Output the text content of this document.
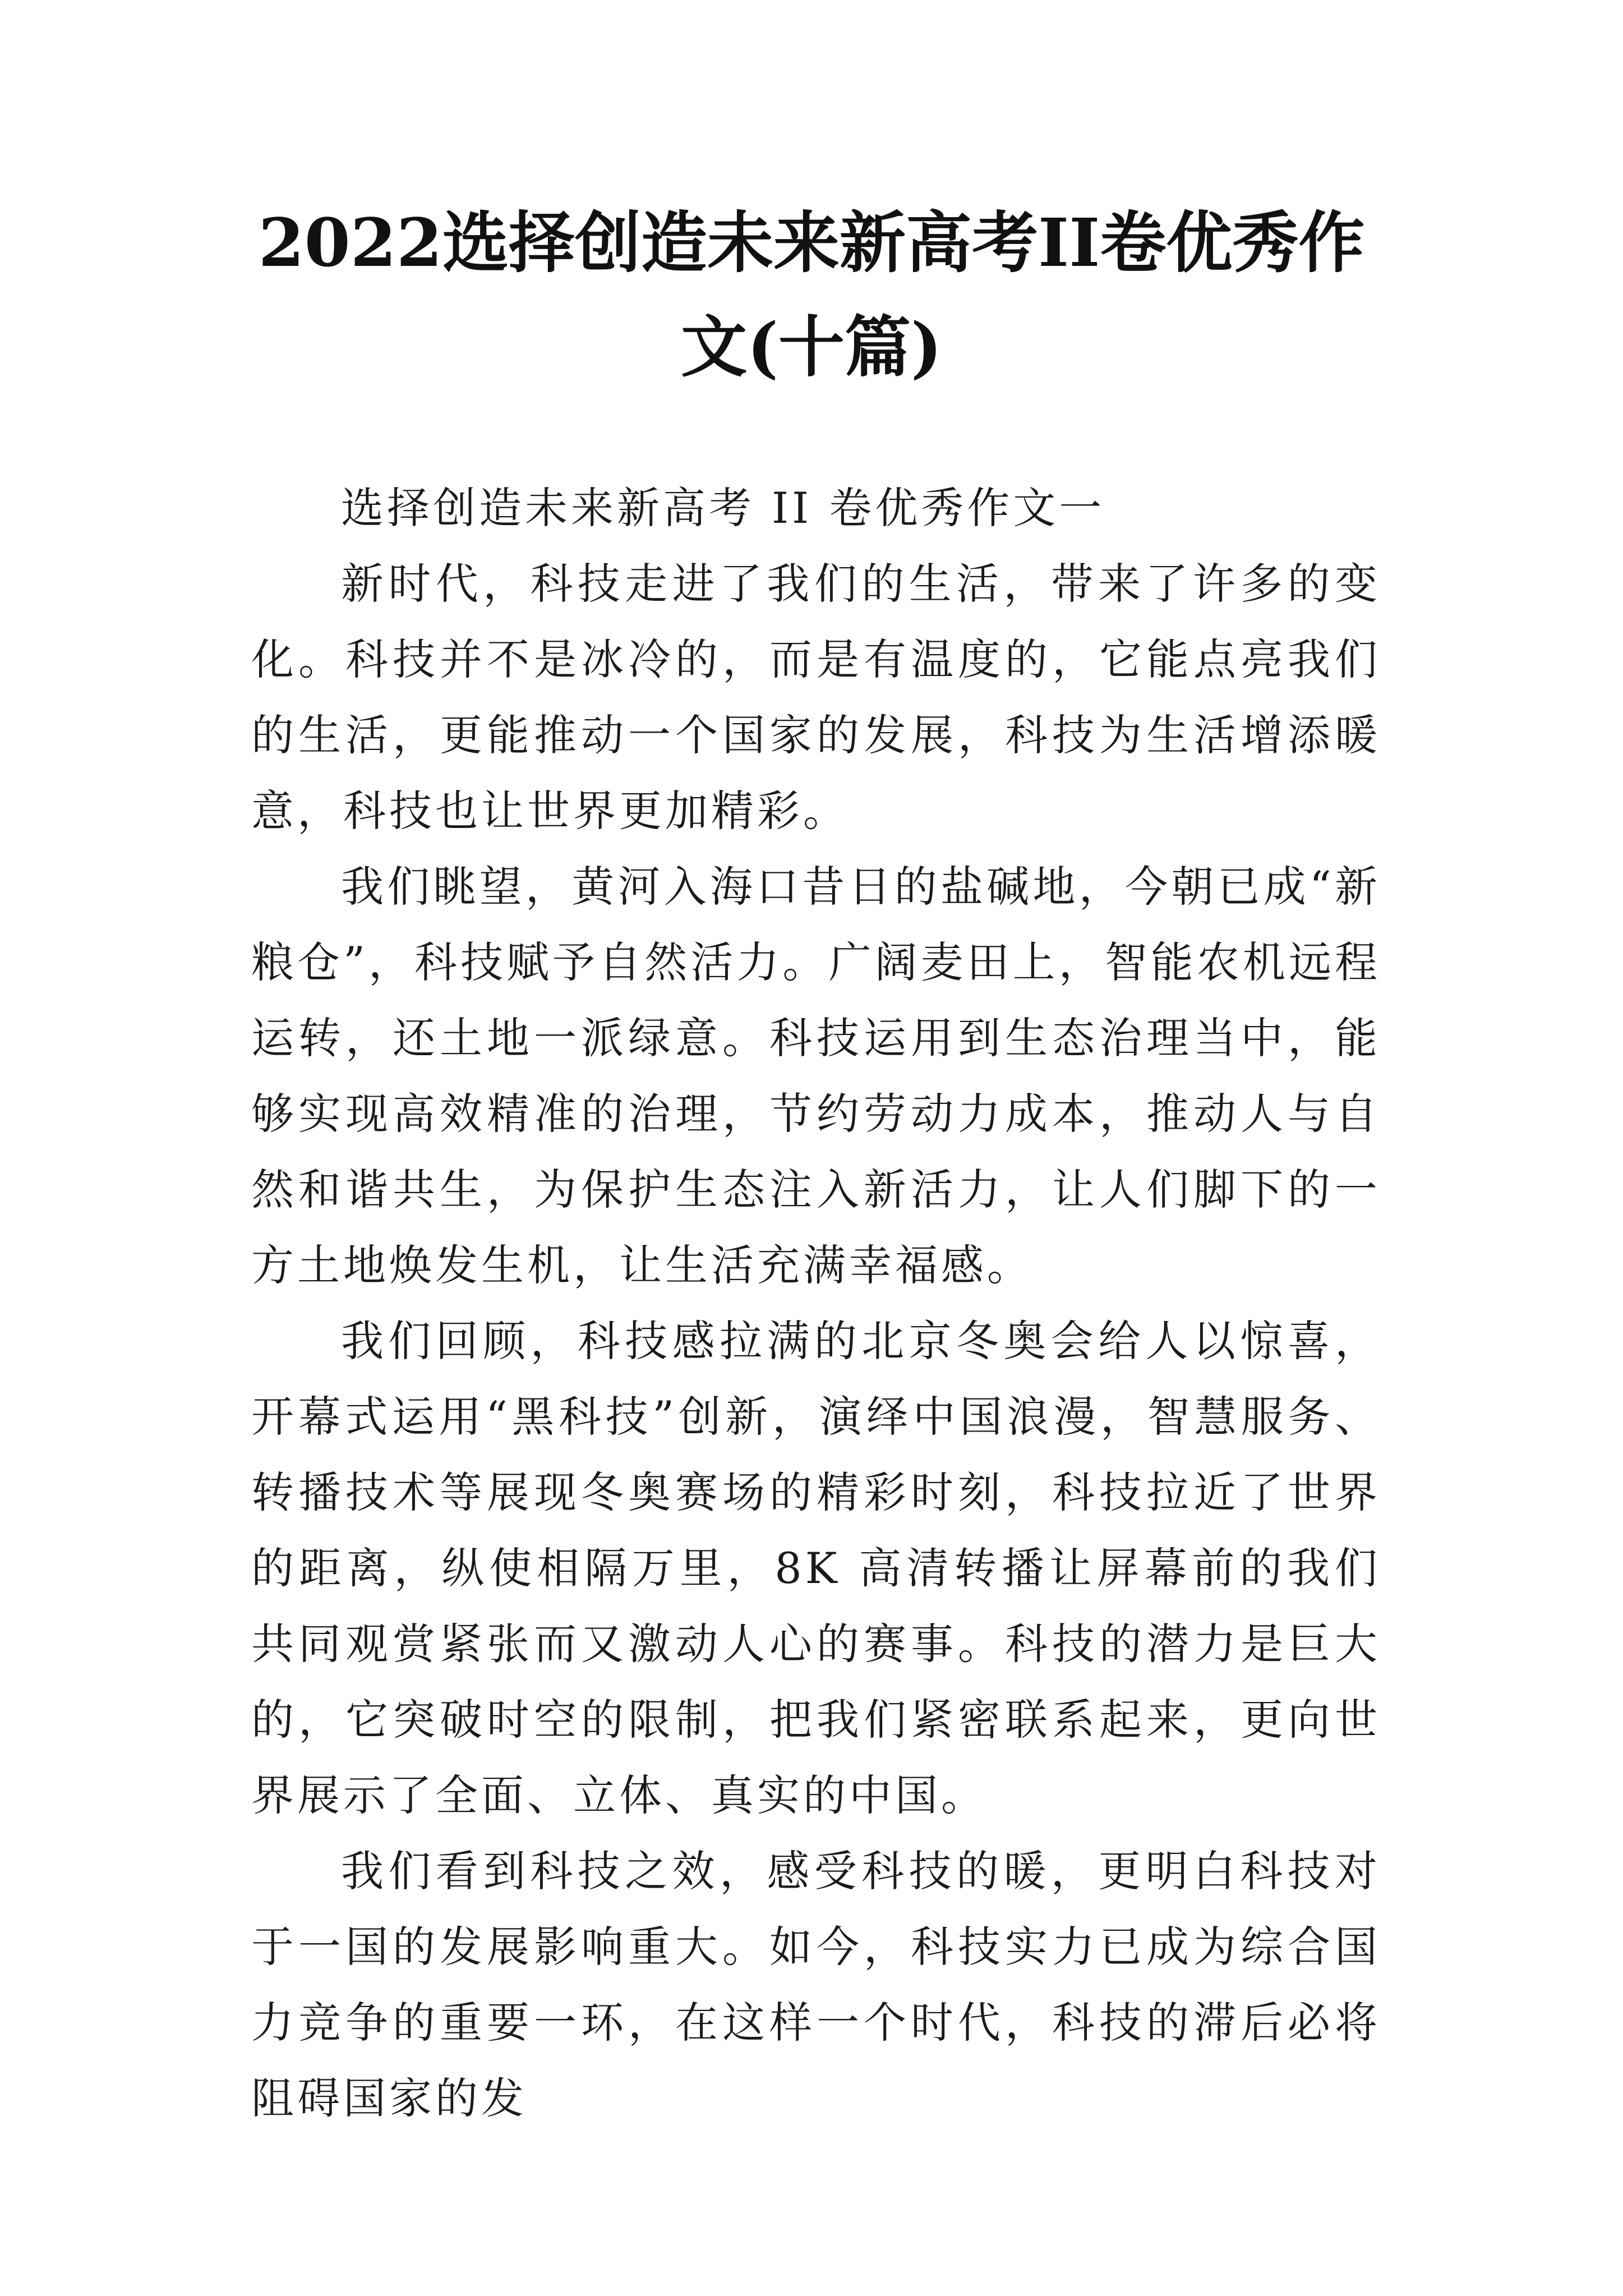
2022选择创造未来新高考II卷优秀作文(十篇)

选择创造未来新高考 II 卷优秀作文一

新时代，科技走进了我们的生活，带来了许多的变化。科技并不是冰冷的，而是有温度的，它能点亮我们的生活，更能推动一个国家的发展，科技为生活增添暖意，科技也让世界更加精彩。

我们眺望，黄河入海口昔日的盐碱地，今朝已成“新粮仓”，科技赋予自然活力。广阔麦田上，智能农机远程运转，还土地一派绿意。科技运用到生态治理当中，能够实现高效精准的治理，节约劳动力成本，推动人与自然和谐共生，为保护生态注入新活力，让人们脚下的一方土地焕发生机，让生活充满幸福感。

我们回顾，科技感拉满的北京冬奥会给人以惊喜，开幕式运用“黑科技”创新，演绎中国浪漫，智慧服务、转播技术等展现冬奥赛场的精彩时刻，科技拉近了世界的距离，纵使相隔万里，8K 高清转播让屏幕前的我们共同观赏紧张而又激动人心的赛事。科技的潜力是巨大的，它突破时空的限制，把我们紧密联系起来，更向世界展示了全面、立体、真实的中国。

我们看到科技之效，感受科技的暖，更明白科技对于一国的发展影响重大。如今，科技实力已成为综合国力竞争的重要一环，在这样一个时代，科技的滞后必将阻碍国家的发
